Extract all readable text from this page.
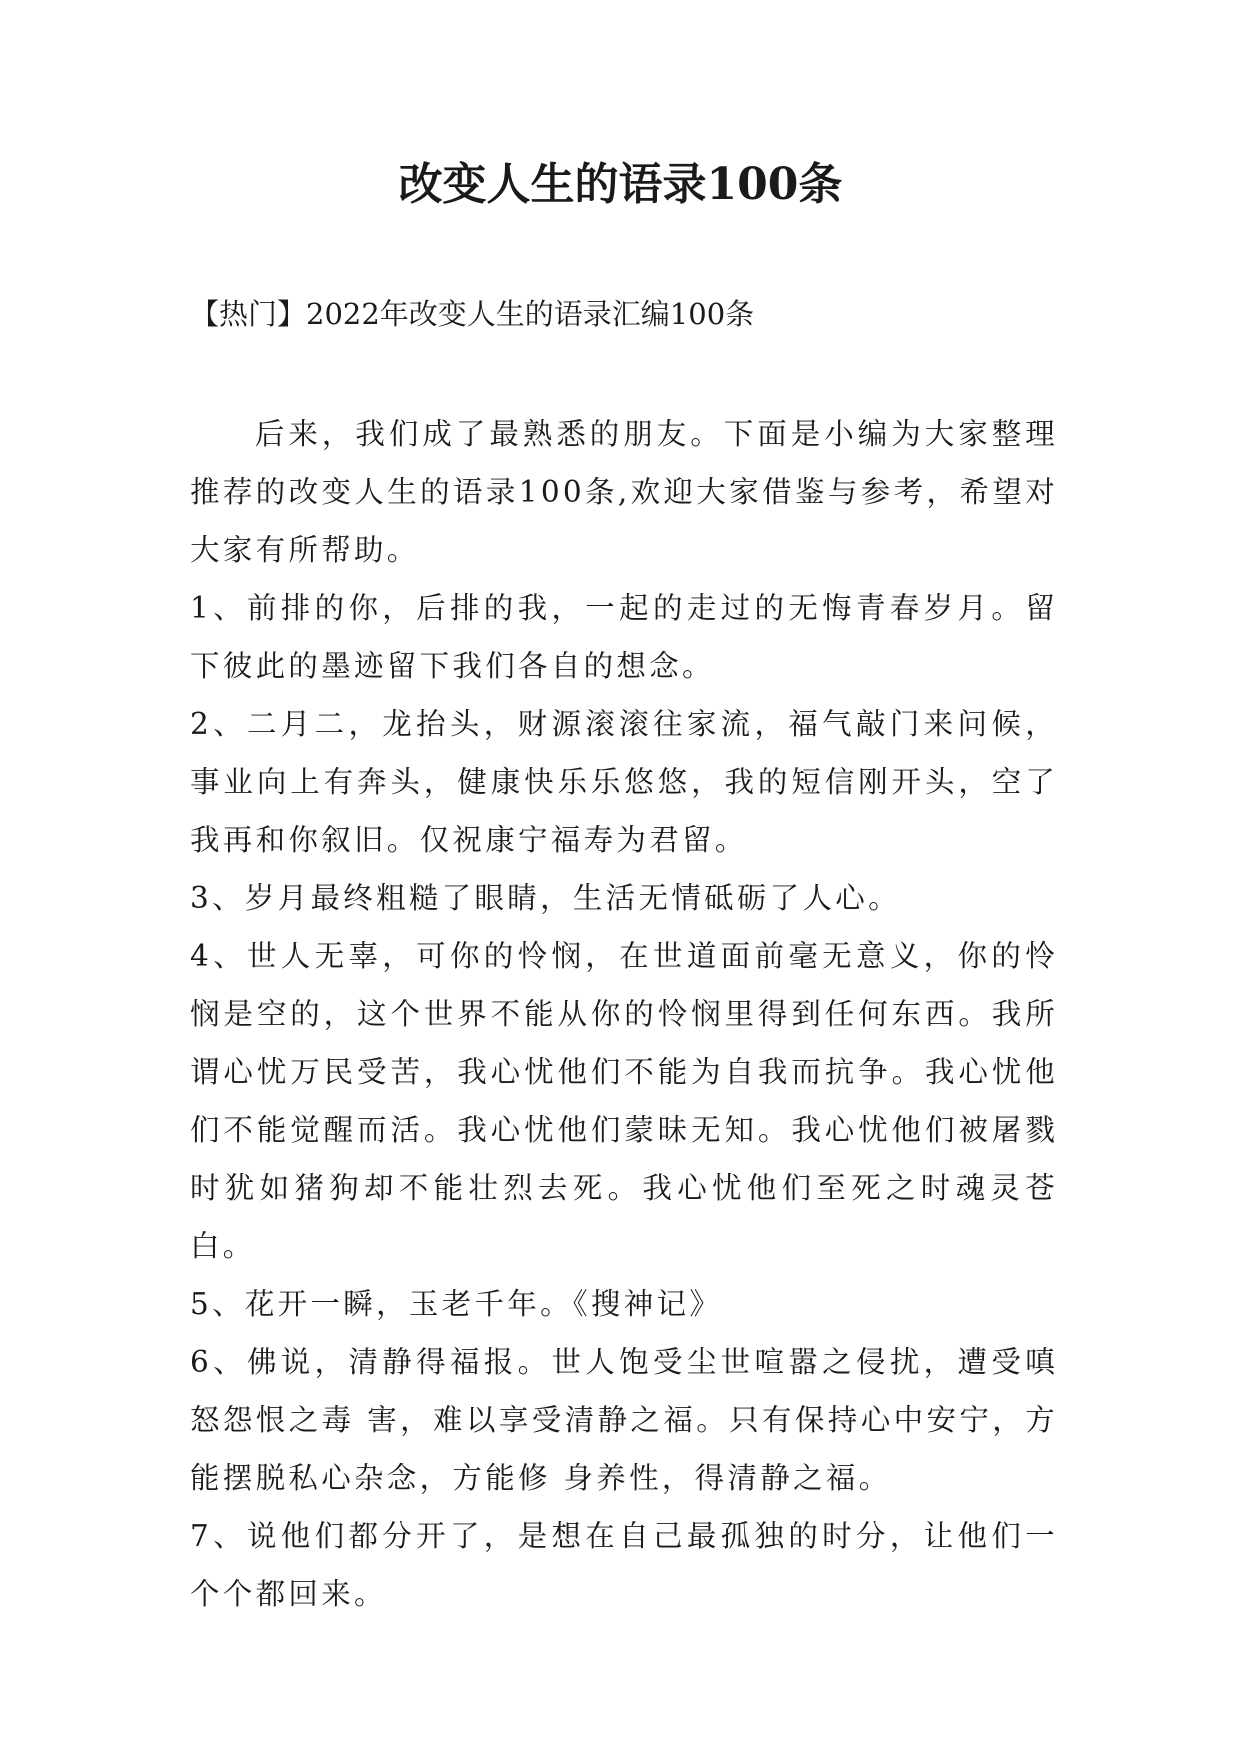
改变人生的语录100条
【热门】2022年改变人生的语录汇编100条

后来，我们成了最熟悉的朋友。下面是小编为大家整理推荐的改变人生的语录100条,欢迎大家借鉴与参考，希望对大家有所帮助。

1、前排的你，后排的我，一起的走过的无悔青春岁月。留下彼此的墨迹留下我们各自的想念。

2、二月二，龙抬头，财源滚滚往家流，福气敲门来问候，事业向上有奔头，健康快乐乐悠悠，我的短信刚开头，空了我再和你叙旧。仅祝康宁福寿为君留。

3、岁月最终粗糙了眼睛，生活无情砥砺了人心。

4、世人无辜，可你的怜悯，在世道面前毫无意义，你的怜悯是空的，这个世界不能从你的怜悯里得到任何东西。我所谓心忧万民受苦，我心忧他们不能为自我而抗争。我心忧他们不能觉醒而活。我心忧他们蒙昧无知。我心忧他们被屠戮时犹如猪狗却不能壮烈去死。我心忧他们至死之时魂灵苍白。

5、花开一瞬，玉老千年。《搜神记》

6、佛说，清静得福报。世人饱受尘世喧嚣之侵扰，遭受嗔怒怨恨之毒 害，难以享受清静之福。只有保持心中安宁，方能摆脱私心杂念，方能修 身养性，得清静之福。

7、说他们都分开了，是想在自己最孤独的时分，让他们一个个都回来。
